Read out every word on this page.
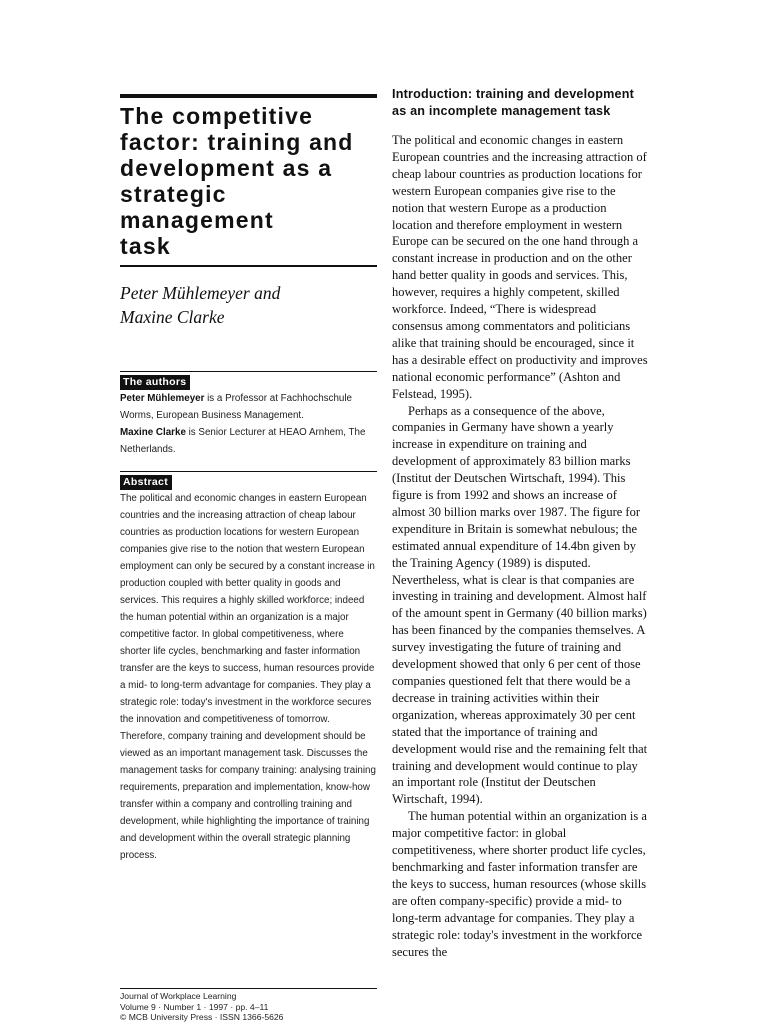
The competitive
factor: training and
development as a
strategic management
task
Peter Mühlemeyer and
Maxine Clarke
The authors
Peter Mühlemeyer is a Professor at Fachhochschule Worms, European Business Management.
Maxine Clarke is Senior Lecturer at HEAO Arnhem, The Netherlands.
Abstract
The political and economic changes in eastern European countries and the increasing attraction of cheap labour countries as production locations for western European companies give rise to the notion that western European employment can only be secured by a constant increase in production coupled with better quality in goods and services. This requires a highly skilled workforce; indeed the human potential within an organization is a major competitive factor. In global competitiveness, where shorter life cycles, benchmarking and faster information transfer are the keys to success, human resources provide a mid- to long-term advantage for companies. They play a strategic role: today's investment in the workforce secures the innovation and competitiveness of tomorrow. Therefore, company training and development should be viewed as an important management task. Discusses the management tasks for company training: analysing training requirements, preparation and implementation, know-how transfer within a company and controlling training and development, while highlighting the importance of training and development within the overall strategic planning process.
Journal of Workplace Learning
Volume 9 · Number 1 · 1997 · pp. 4–11
© MCB University Press · ISSN 1366-5626
Introduction: training and development
as an incomplete management task

The political and economic changes in eastern European countries and the increasing attraction of cheap labour countries as production locations for western European companies give rise to the notion that western Europe as a production location and therefore employment in western Europe can be secured on the one hand through a constant increase in production and on the other hand better quality in goods and services. This, however, requires a highly competent, skilled workforce. Indeed, “There is widespread consensus among commentators and politicians alike that training should be encouraged, since it has a desirable effect on productivity and improves national economic performance” (Ashton and Felstead, 1995).

Perhaps as a consequence of the above, companies in Germany have shown a yearly increase in expenditure on training and development of approximately 83 billion marks (Institut der Deutschen Wirtschaft, 1994). This figure is from 1992 and shows an increase of almost 30 billion marks over 1987. The figure for expenditure in Britain is somewhat nebulous; the estimated annual expenditure of 14.4bn given by the Training Agency (1989) is disputed. Nevertheless, what is clear is that companies are investing in training and development. Almost half of the amount spent in Germany (40 billion marks) has been financed by the companies themselves. A survey investigating the future of training and development showed that only 6 per cent of those companies questioned felt that there would be a decrease in training activities within their organization, whereas approximately 30 per cent stated that the importance of training and development would rise and the remaining felt that training and development would continue to play an important role (Institut der Deutschen Wirtschaft, 1994).

The human potential within an organization is a major competitive factor: in global competitiveness, where shorter product life cycles, benchmarking and faster information transfer are the keys to success, human resources (whose skills are often company-specific) provide a mid- to long-term advantage for companies. They play a strategic role: today's investment in the workforce secures the
